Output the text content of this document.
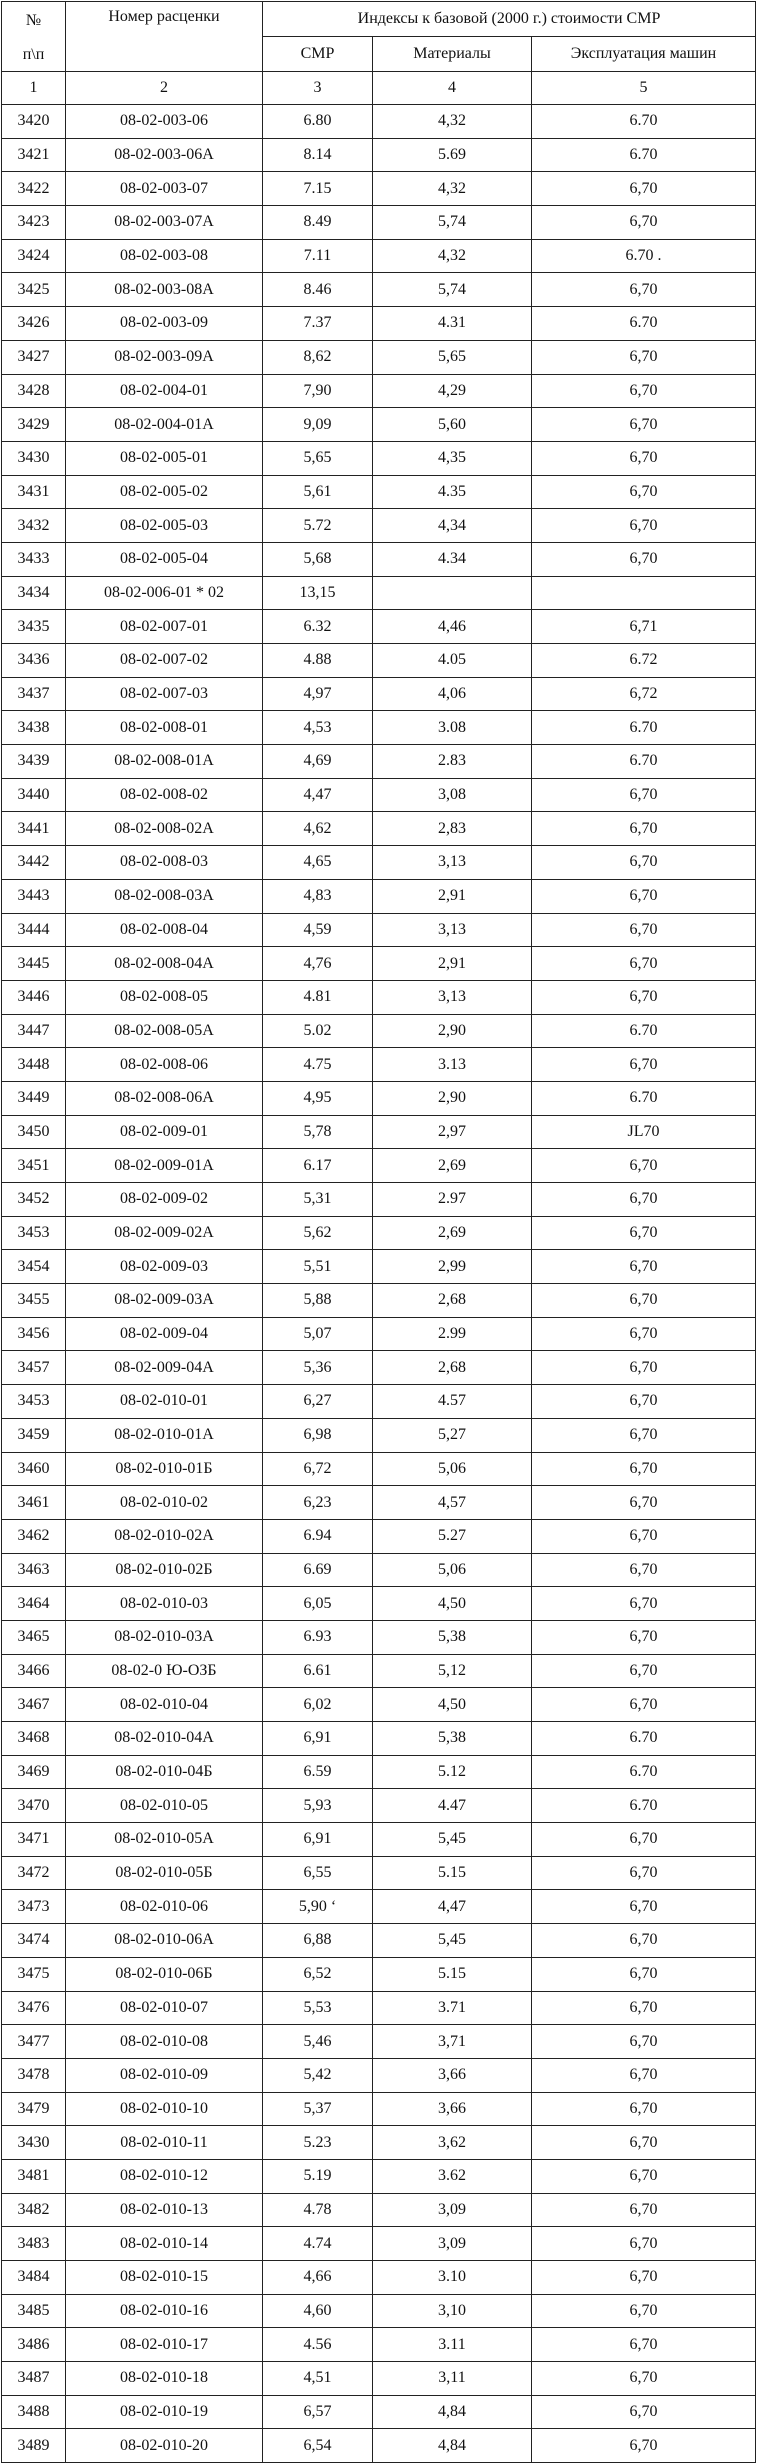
№
п\п	Номер расценки	Индексы к базовой (2000 г.) стоимости СМР		
		СМР	Материалы	Эксплуатация машин
1	2	3	4	5
3420	08-02-003-06	6.80	4,32	6.70
3421	08-02-003-06А	8.14	5.69	6.70
3422	08-02-003-07	7.15	4,32	6,70
3423	08-02-003-07А	8.49	5,74	6,70
3424	08-02-003-08	7.11	4,32	6.70 .
3425	08-02-003-08А	8.46	5,74	6,70
3426	08-02-003-09	7.37	4.31	6.70
3427	08-02-003-09А	8,62	5,65	6,70
3428	08-02-004-01	7,90	4,29	6,70
3429	08-02-004-01А	9,09	5,60	6,70
3430	08-02-005-01	5,65	4,35	6,70
3431	08-02-005-02	5,61	4.35	6,70
3432	08-02-005-03	5.72	4,34	6,70
3433	08-02-005-04	5,68	4.34	6,70
3434	08-02-006-01 * 02	13,15		
3435	08-02-007-01	6.32	4,46	6,71
3436	08-02-007-02	4.88	4.05	6.72
3437	08-02-007-03	4,97	4,06	6,72
3438	08-02-008-01	4,53	3.08	6.70
3439	08-02-008-01А	4,69	2.83	6.70
3440	08-02-008-02	4,47	3,08	6,70
3441	08-02-008-02А	4,62	2,83	6,70
3442	08-02-008-03	4,65	3,13	6,70
3443	08-02-008-03А	4,83	2,91	6,70
3444	08-02-008-04	4,59	3,13	6,70
3445	08-02-008-04А	4,76	2,91	6,70
3446	08-02-008-05	4.81	3,13	6,70
3447	08-02-008-05А	5.02	2,90	6.70
3448	08-02-008-06	4.75	3.13	6,70
3449	08-02-008-06А	4,95	2,90	6.70
3450	08-02-009-01	5,78	2,97	JL70
3451	08-02-009-01А	6.17	2,69	6,70
3452	08-02-009-02	5,31	2.97	6,70
3453	08-02-009-02А	5,62	2,69	6,70
3454	08-02-009-03	5,51	2,99	6,70
3455	08-02-009-03А	5,88	2,68	6,70
3456	08-02-009-04	5,07	2.99	6,70
3457	08-02-009-04А	5,36	2,68	6,70
3453	08-02-010-01	6,27	4.57	6,70
3459	08-02-010-01А	6,98	5,27	6,70
3460	08-02-010-01Б	6,72	5,06	6,70
3461	08-02-010-02	6,23	4,57	6,70
3462	08-02-010-02А	6.94	5.27	6,70
3463	08-02-010-02Б	6.69	5,06	6,70
3464	08-02-010-03	6,05	4,50	6,70
3465	08-02-010-03А	6.93	5,38	6,70
3466	08-02-0 Ю-ОЗБ	6.61	5,12	6,70
3467	08-02-010-04	6,02	4,50	6,70
3468	08-02-010-04А	6,91	5,38	6.70
3469	08-02-010-04Б	6.59	5.12	6.70
3470	08-02-010-05	5,93	4.47	6.70
3471	08-02-010-05А	6,91	5,45	6,70
3472	08-02-010-05Б	6,55	5.15	6,70
3473	08-02-010-06	5,90 ‘	4,47	6,70
3474	08-02-010-06А	6,88	5,45	6,70
3475	08-02-010-06Б	6,52	5.15	6,70
3476	08-02-010-07	5,53	3.71	6,70
3477	08-02-010-08	5,46	3,71	6,70
3478	08-02-010-09	5,42	3,66	6,70
3479	08-02-010-10	5,37	3,66	6,70
3430	08-02-010-11	5.23	3,62	6,70
3481	08-02-010-12	5.19	3.62	6,70
3482	08-02-010-13	4.78	3,09	6,70
3483	08-02-010-14	4.74	3,09	6,70
3484	08-02-010-15	4,66	3.10	6,70
3485	08-02-010-16	4,60	3,10	6,70
3486	08-02-010-17	4.56	3.11	6,70
3487	08-02-010-18	4,51	3,11	6,70
3488	08-02-010-19	6,57	4,84	6,70
3489	08-02-010-20	6,54	4,84	6,70
